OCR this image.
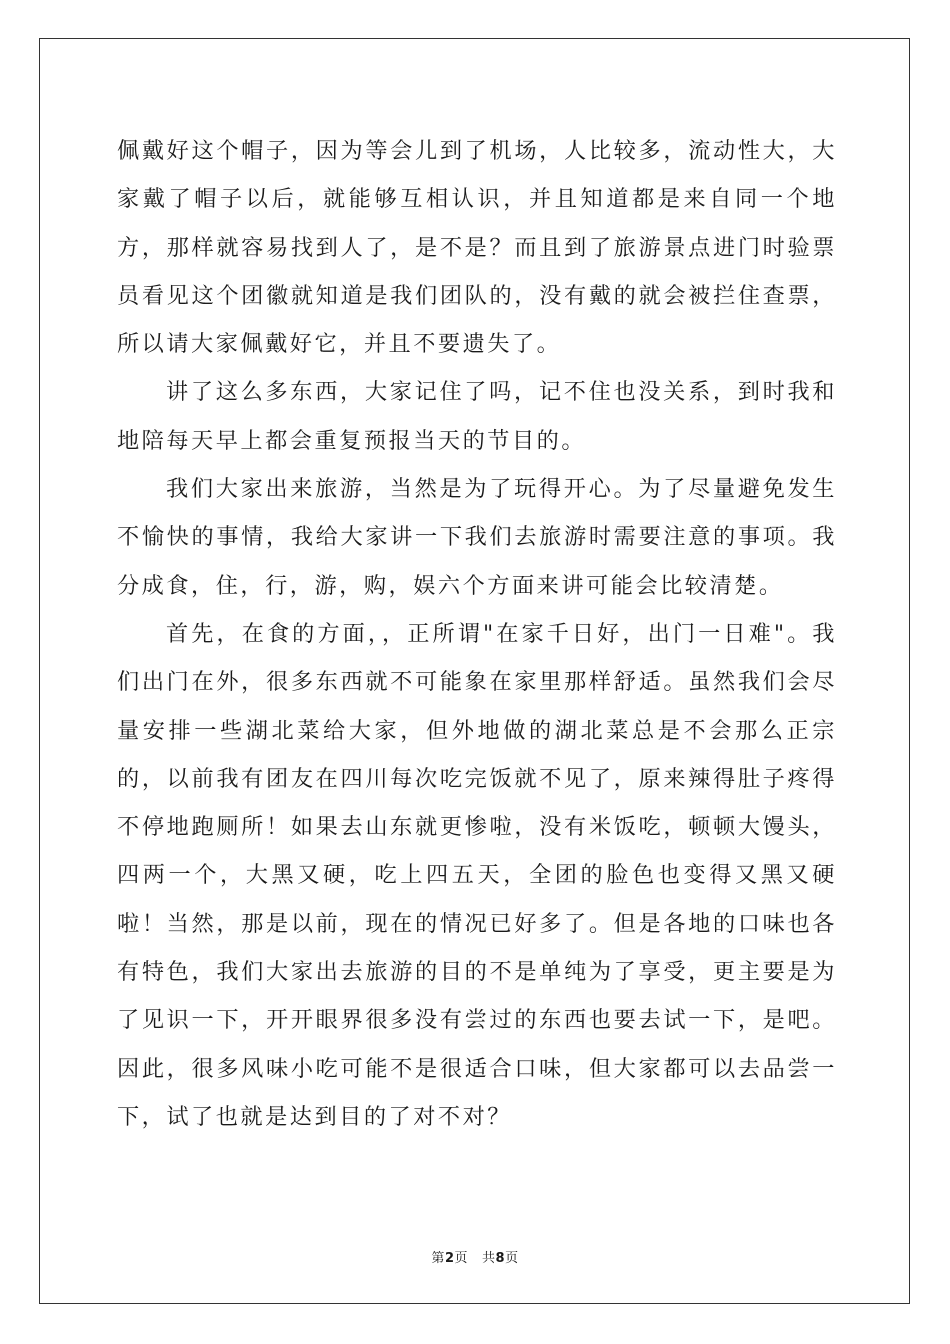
佩戴好这个帽子，因为等会儿到了机场，人比较多，流动性大，大家戴了帽子以后，就能够互相认识，并且知道都是来自同一个地方，那样就容易找到人了，是不是？而且到了旅游景点进门时验票员看见这个团徽就知道是我们团队的，没有戴的就会被拦住查票，所以请大家佩戴好它，并且不要遗失了。

讲了这么多东西，大家记住了吗，记不住也没关系，到时我和地陪每天早上都会重复预报当天的节目的。

我们大家出来旅游，当然是为了玩得开心。为了尽量避免发生不愉快的事情，我给大家讲一下我们去旅游时需要注意的事项。我分成食，住，行，游，购，娱六个方面来讲可能会比较清楚。

首先，在食的方面，，正所谓"在家千日好，出门一日难"。我们出门在外，很多东西就不可能象在家里那样舒适。虽然我们会尽量安排一些湖北菜给大家，但外地做的湖北菜总是不会那么正宗的，以前我有团友在四川每次吃完饭就不见了，原来辣得肚子疼得不停地跑厕所！如果去山东就更惨啦，没有米饭吃，顿顿大馒头，四两一个，大黑又硬，吃上四五天，全团的脸色也变得又黑又硬啦！当然，那是以前，现在的情况已好多了。但是各地的口味也各有特色，我们大家出去旅游的目的不是单纯为了享受，更主要是为了见识一下，开开眼界很多没有尝过的东西也要去试一下，是吧。因此，很多风味小吃可能不是很适合口味，但大家都可以去品尝一下，试了也就是达到目的了对不对？

第2页 共8页
